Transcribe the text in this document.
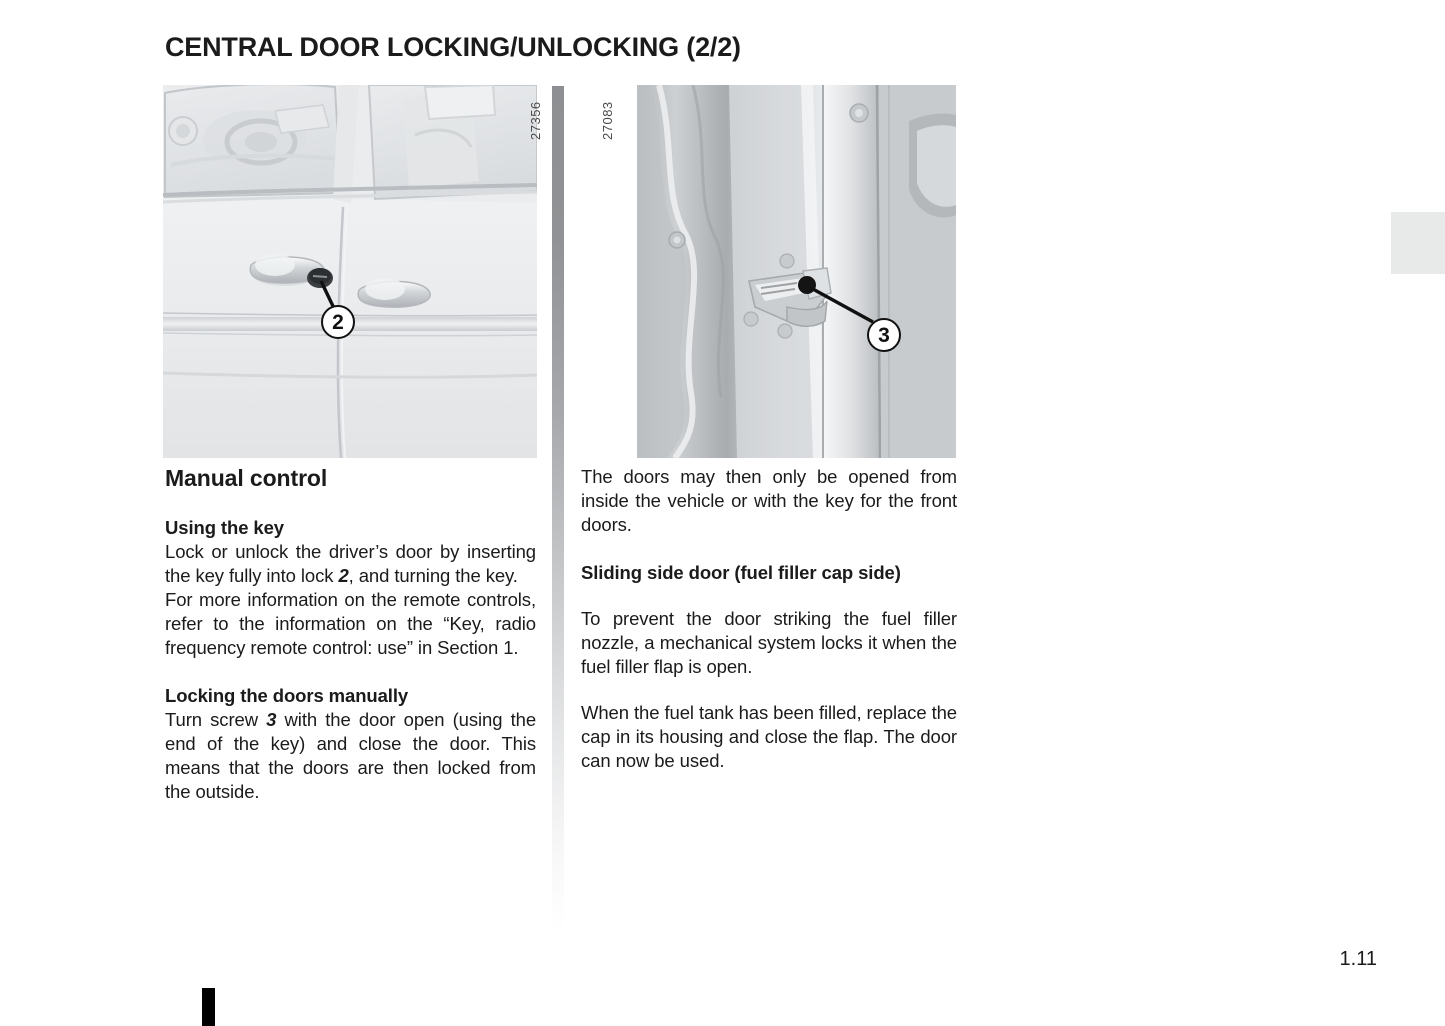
CENTRAL DOOR LOCKING/UNLOCKING (2/2)
2
27356
3
27083
Manual control
Using the key

Lock or unlock the driver’s door by inserting the key fully into lock 2, and turning the key.

For more information on the remote controls, refer to the information on the “Key, radio frequency remote control: use” in Section 1.

Locking the doors manually

Turn screw 3 with the door open (using the end of the key) and close the door. This means that the doors are then locked from the outside.

The doors may then only be opened from inside the vehicle or with the key for the front doors.

Sliding side door (fuel filler cap side)

To prevent the door striking the fuel filler nozzle, a mechanical system locks it when the fuel filler flap is open.

When the fuel tank has been filled, replace the cap in its housing and close the flap. The door can now be used.

1.11
